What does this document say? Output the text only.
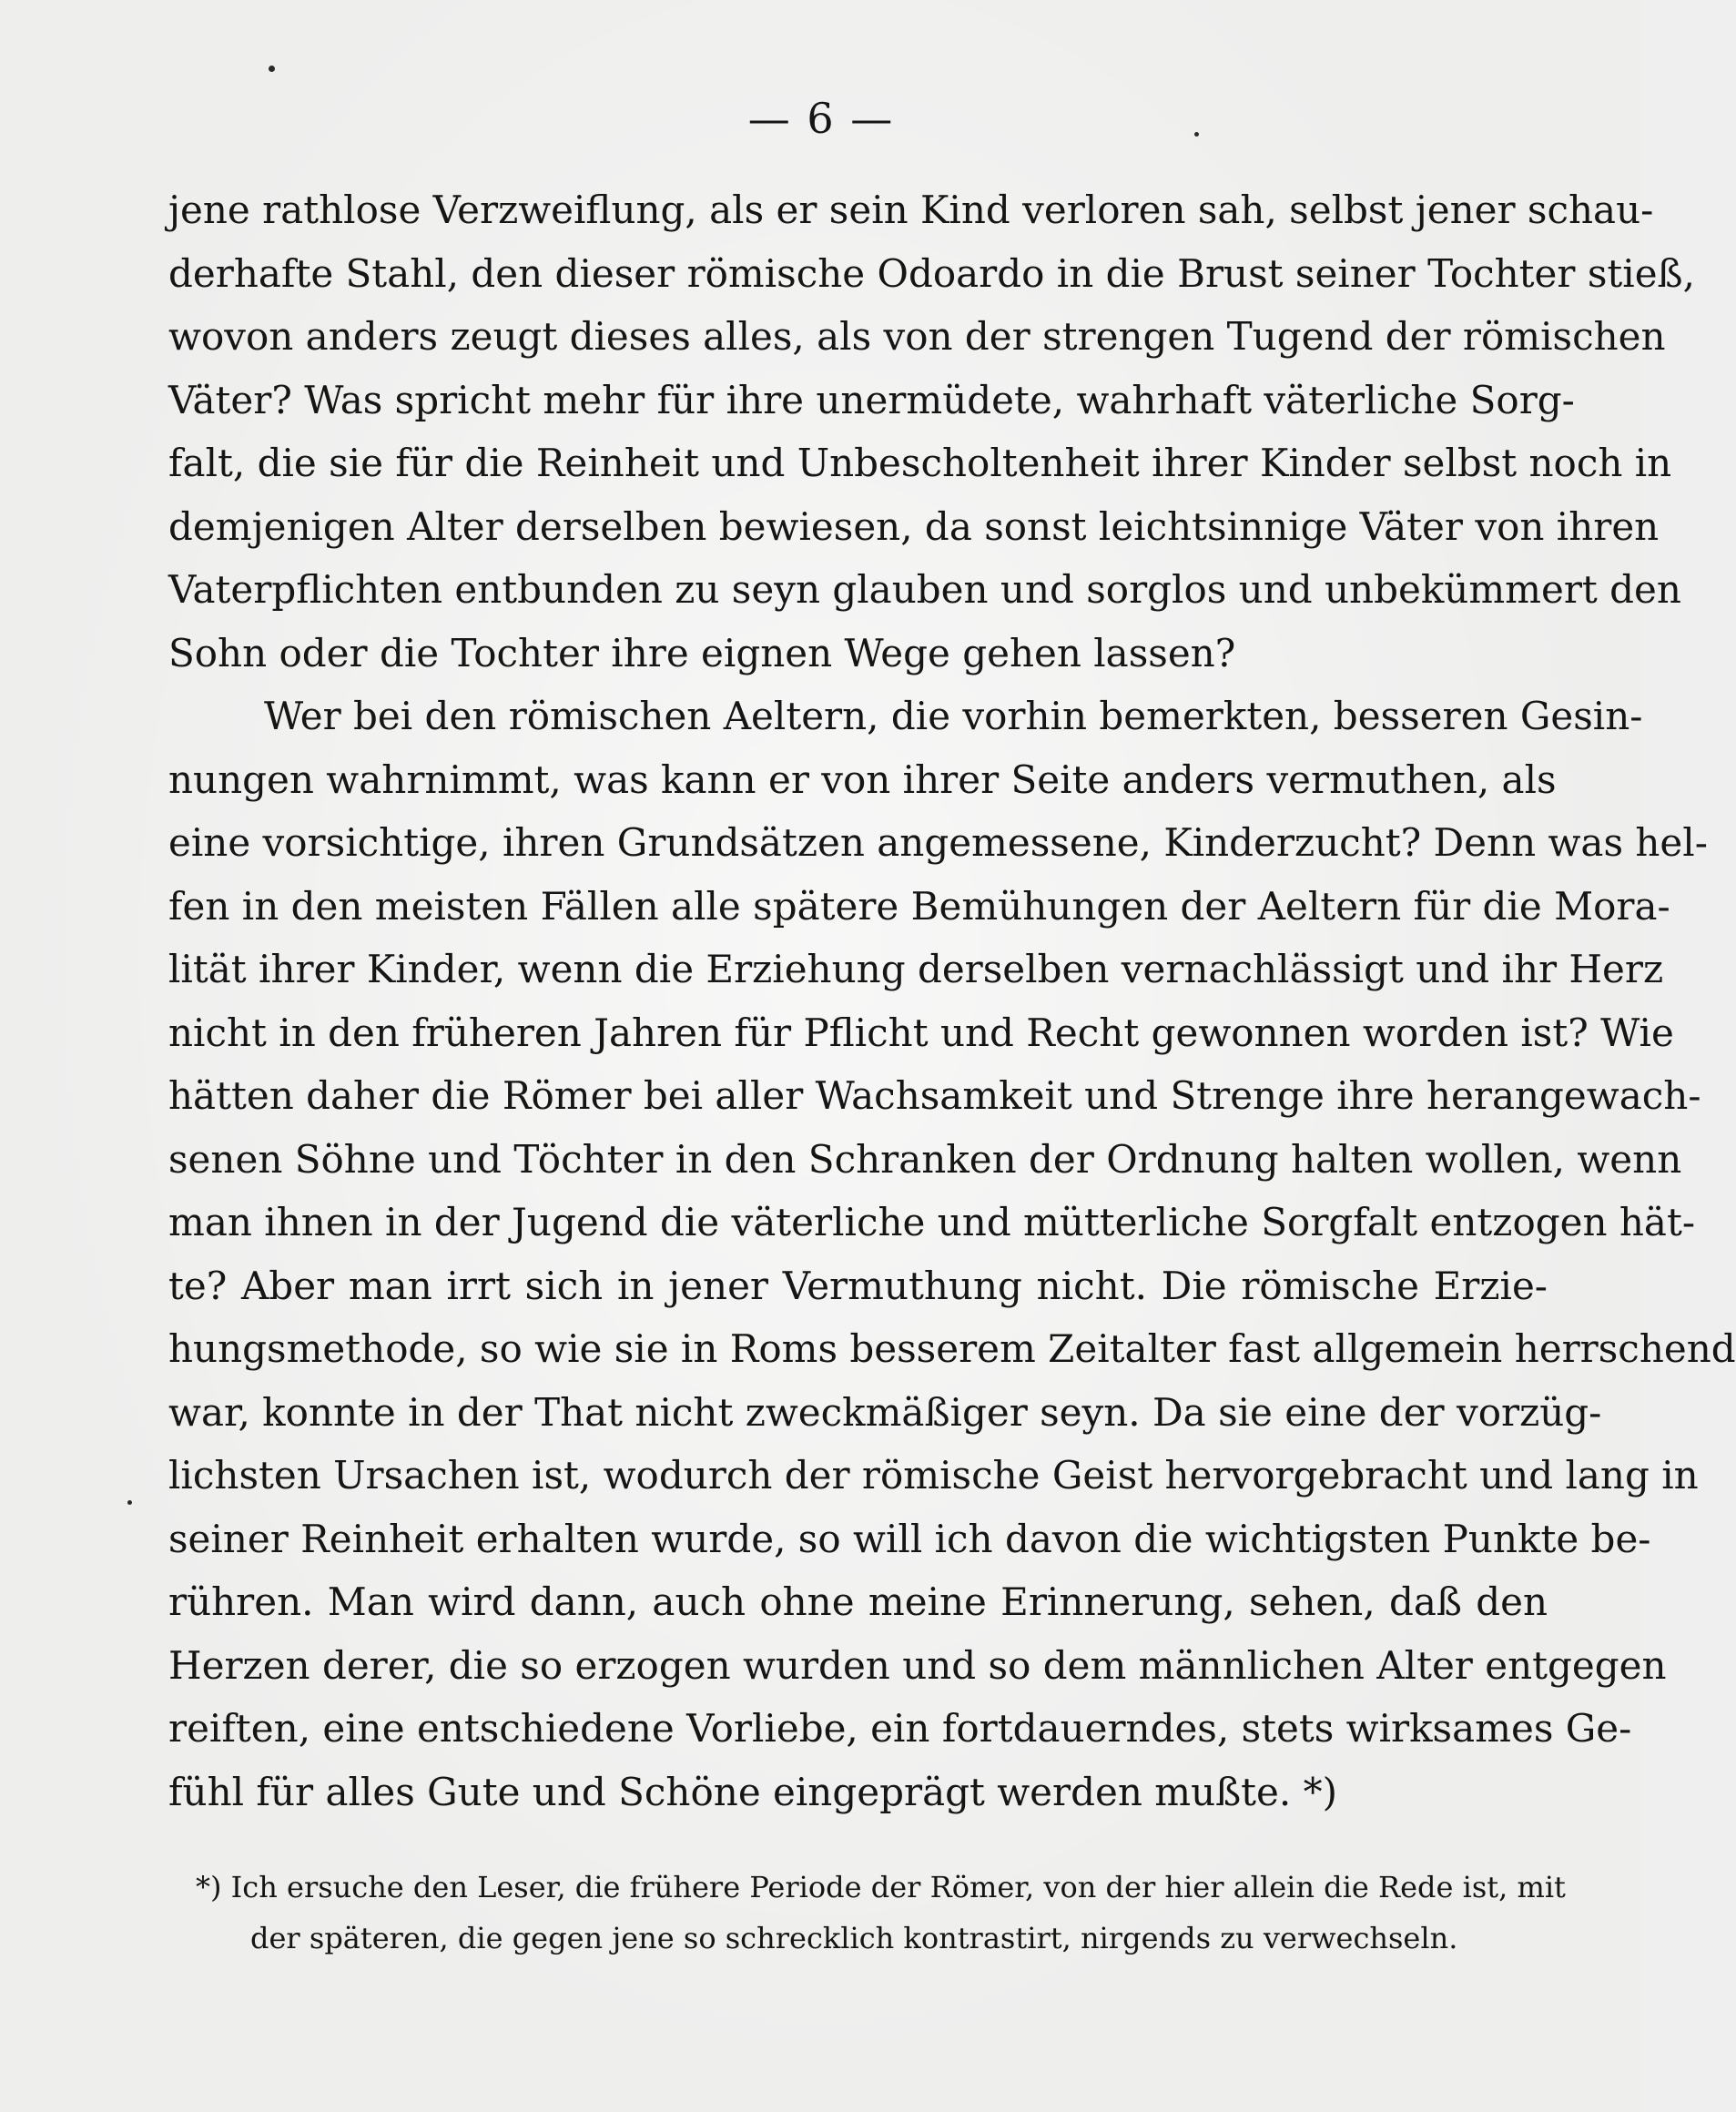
— 6 —
jene rathlose Verzweiflung, als er sein Kind verloren sah, selbst jener schau-
derhafte Stahl, den dieser römische Odoardo in die Brust seiner Tochter stieß,
wovon anders zeugt dieses alles, als von der strengen Tugend der römischen
Väter? Was spricht mehr für ihre unermüdete, wahrhaft väterliche Sorg-
falt, die sie für die Reinheit und Unbescholtenheit ihrer Kinder selbst noch in
demjenigen Alter derselben bewiesen, da sonst leichtsinnige Väter von ihren
Vaterpflichten entbunden zu seyn glauben und sorglos und unbekümmert den
Sohn oder die Tochter ihre eignen Wege gehen lassen?
Wer bei den römischen Aeltern, die vorhin bemerkten, besseren Gesin-
nungen wahrnimmt, was kann er von ihrer Seite anders vermuthen, als
eine vorsichtige, ihren Grundsätzen angemessene, Kinderzucht? Denn was hel-
fen in den meisten Fällen alle spätere Bemühungen der Aeltern für die Mora-
lität ihrer Kinder, wenn die Erziehung derselben vernachlässigt und ihr Herz
nicht in den früheren Jahren für Pflicht und Recht gewonnen worden ist? Wie
hätten daher die Römer bei aller Wachsamkeit und Strenge ihre herangewach-
senen Söhne und Töchter in den Schranken der Ordnung halten wollen, wenn
man ihnen in der Jugend die väterliche und mütterliche Sorgfalt entzogen hät-
te? Aber man irrt sich in jener Vermuthung nicht. Die römische Erzie-
hungsmethode, so wie sie in Roms besserem Zeitalter fast allgemein herrschend
war, konnte in der That nicht zweckmäßiger seyn. Da sie eine der vorzüg-
lichsten Ursachen ist, wodurch der römische Geist hervorgebracht und lang in
seiner Reinheit erhalten wurde, so will ich davon die wichtigsten Punkte be-
rühren. Man wird dann, auch ohne meine Erinnerung, sehen, daß den
Herzen derer, die so erzogen wurden und so dem männlichen Alter entgegen
reiften, eine entschiedene Vorliebe, ein fortdauerndes, stets wirksames Ge-
fühl für alles Gute und Schöne eingeprägt werden mußte. *)
*) Ich ersuche den Leser, die frühere Periode der Römer, von der hier allein die Rede ist, mit
der späteren, die gegen jene so schrecklich kontrastirt, nirgends zu verwechseln.
